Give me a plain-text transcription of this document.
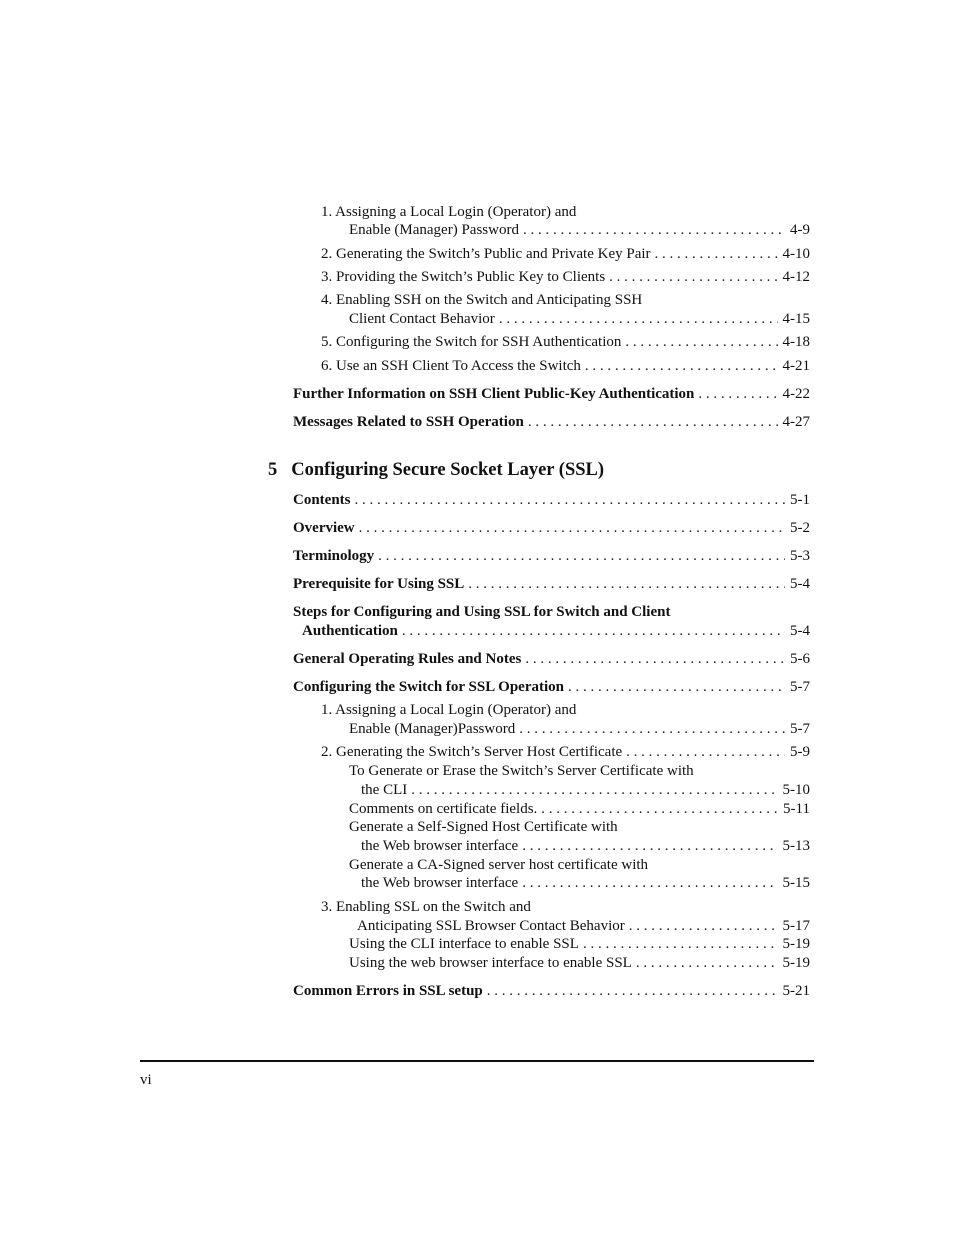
1. Assigning a Local Login (Operator) and
Enable (Manager) Password . . .	4-9
2. Generating the Switch’s Public and Private Key Pair . . .	4-10
3. Providing the Switch’s Public Key to Clients . . .	4-12
4. Enabling SSH on the Switch and Anticipating SSH
Client Contact Behavior . . .	4-15
5. Configuring the Switch for SSH Authentication . . .	4-18
6. Use an SSH Client To Access the Switch . . .	4-21
Further Information on SSH Client Public-Key Authentication . . .	4-22
Messages Related to SSH Operation . . .	4-27
5 Configuring Secure Socket Layer (SSL)
Contents . . .	5-1
Overview . . .	5-2
Terminology . . .	5-3
Prerequisite for Using SSL . . .	5-4
Steps for Configuring and Using SSL for Switch and Client
Authentication . . .	5-4
General Operating Rules and Notes . . .	5-6
Configuring the Switch for SSL Operation . . .	5-7
1. Assigning a Local Login (Operator) and
Enable (Manager)Password . . .	5-7
2. Generating the Switch’s Server Host Certificate . . .	5-9
To Generate or Erase the Switch’s Server Certificate with
the CLI . . .	5-10
Comments on certificate fields. . . .	5-11
Generate a Self-Signed Host Certificate with
the Web browser interface . . .	5-13
Generate a CA-Signed server host certificate with
the Web browser interface . . .	5-15
3. Enabling SSL on the Switch and
Anticipating SSL Browser Contact Behavior . . .	5-17
Using the CLI interface to enable SSL . . .	5-19
Using the web browser interface to enable SSL . . .	5-19
Common Errors in SSL setup . . .	5-21
vi
